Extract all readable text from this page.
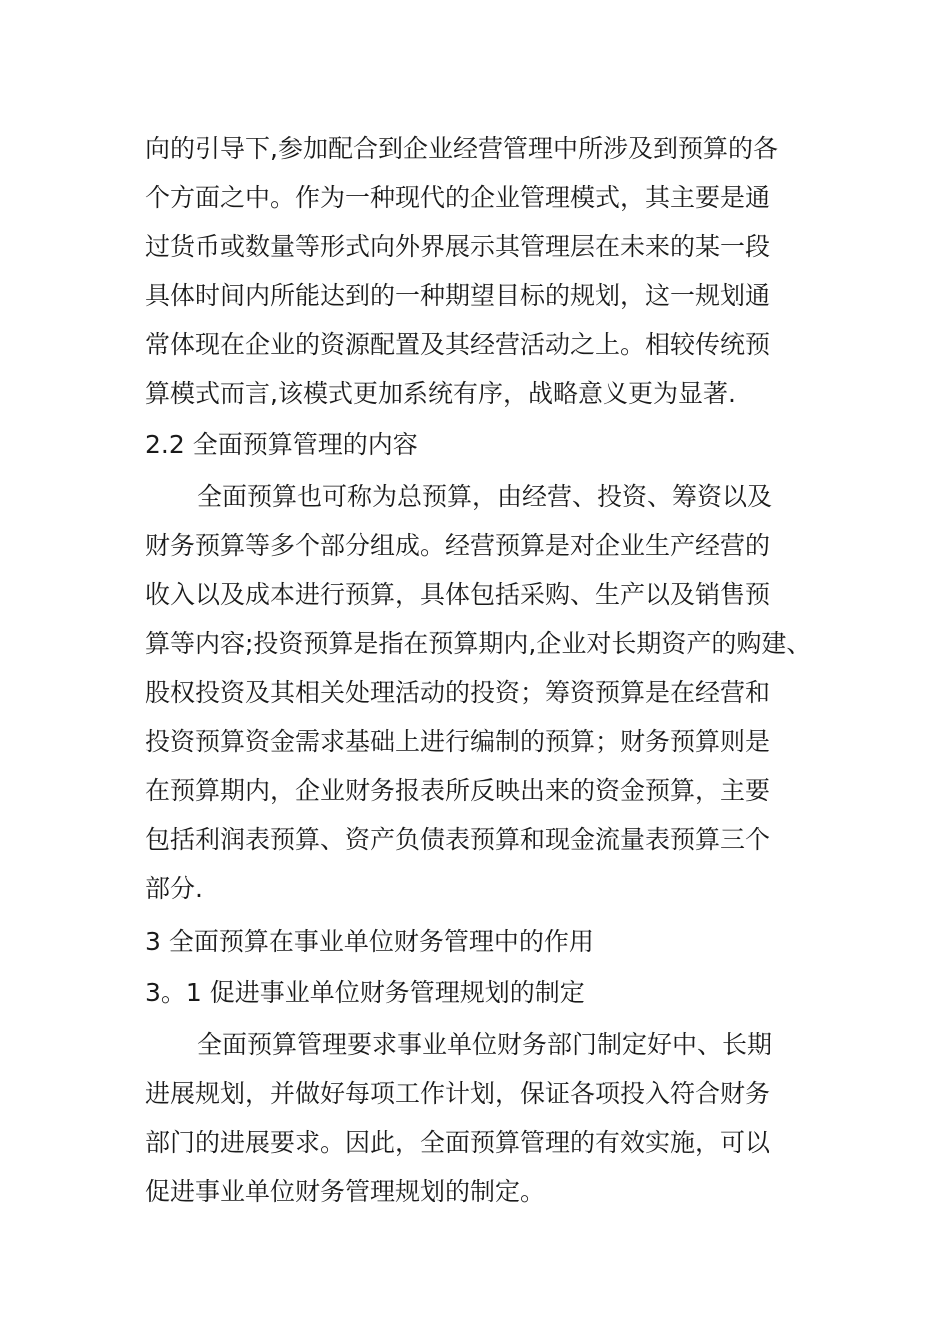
向的引导下,参加配合到企业经营管理中所涉及到预算的各
个方面之中。作为一种现代的企业管理模式，其主要是通
过货币或数量等形式向外界展示其管理层在未来的某一段
具体时间内所能达到的一种期望目标的规划，这一规划通
常体现在企业的资源配置及其经营活动之上。相较传统预
算模式而言,该模式更加系统有序，战略意义更为显著.
2.2 全面预算管理的内容
全面预算也可称为总预算，由经营、投资、筹资以及
财务预算等多个部分组成。经营预算是对企业生产经营的
收入以及成本进行预算，具体包括采购、生产以及销售预
算等内容;投资预算是指在预算期内,企业对长期资产的购建、
股权投资及其相关处理活动的投资；筹资预算是在经营和
投资预算资金需求基础上进行编制的预算；财务预算则是
在预算期内，企业财务报表所反映出来的资金预算，主要
包括利润表预算、资产负债表预算和现金流量表预算三个
部分.
3 全面预算在事业单位财务管理中的作用
3。1 促进事业单位财务管理规划的制定
全面预算管理要求事业单位财务部门制定好中、长期
进展规划，并做好每项工作计划，保证各项投入符合财务
部门的进展要求。因此，全面预算管理的有效实施，可以
促进事业单位财务管理规划的制定。
